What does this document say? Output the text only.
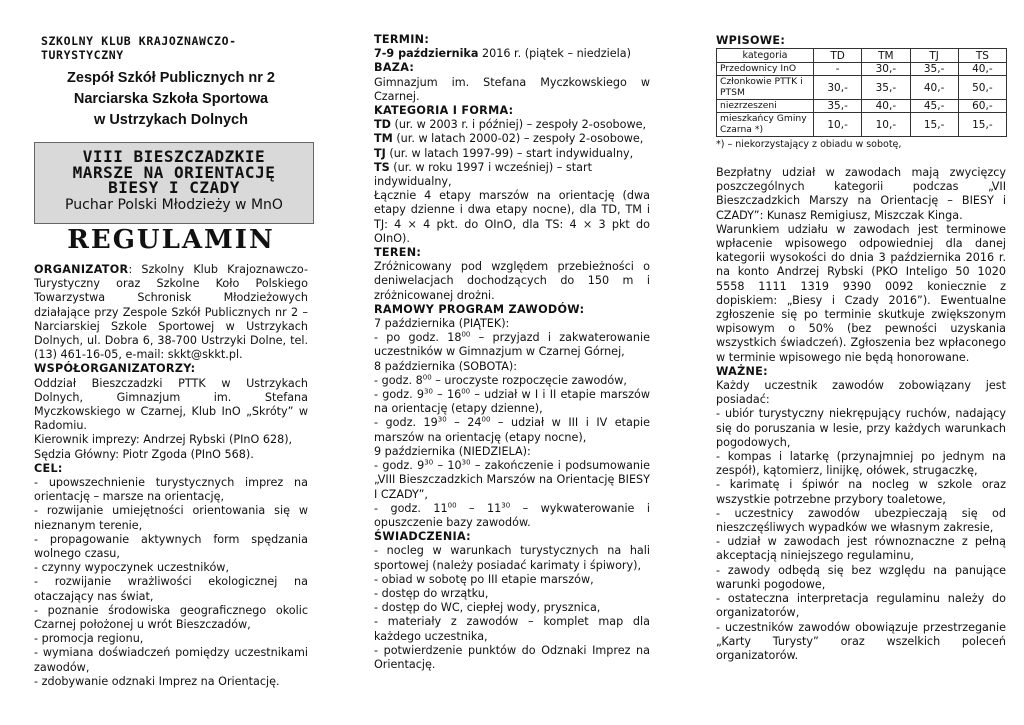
SZKOLNY KLUB KRAJOZNAWCZO-TURYSTYCZNY
Zespół Szkół Publicznych nr 2
Narciarska Szkoła Sportowa
w Ustrzykach Dolnych
VIII BIESZCZADZKIE
MARSZE NA ORIENTACJĘ
BIESY I CZADY
Puchar Polski Młodzieży w MnO
REGULAMIN

ORGANIZATOR: Szkolny Klub Krajoznawczo-Turystyczny oraz Szkolne Koło Polskiego Towarzystwa Schronisk Młodzieżowych działające przy Zespole Szkół Publicznych nr 2 – Narciarskiej Szkole Sportowej w Ustrzykach Dolnych, ul. Dobra 6, 38-700 Ustrzyki Dolne, tel. (13) 461-16-05, e-mail: skkt@skkt.pl.

WSPÓŁORGANIZATORZY:

Oddział Bieszczadzki PTTK w Ustrzykach Dolnych, Gimnazjum im. Stefana Myczkowskiego w Czarnej, Klub InO „Skróty” w Radomiu.

Kierownik imprezy: Andrzej Rybski (PInO 628),

Sędzia Główny: Piotr Zgoda (PInO 568).

CEL:

- upowszechnienie turystycznych imprez na orientację – marsze na orientację,

- rozwijanie umiejętności orientowania się w nieznanym terenie,

- propagowanie aktywnych form spędzania wolnego czasu,

- czynny wypoczynek uczestników,

- rozwijanie wrażliwości ekologicznej na otaczający nas świat,

- poznanie środowiska geograficznego okolic Czarnej położonej u wrót Bieszczadów,

- promocja regionu,

- wymiana doświadczeń pomiędzy uczestnikami zawodów,

- zdobywanie odznaki Imprez na Orientację.

TERMIN:

7-9 października 2016 r. (piątek – niedziela)

BAZA:

Gimnazjum im. Stefana Myczkowskiego w Czarnej.

KATEGORIA I FORMA:

TD (ur. w 2003 r. i później) – zespoły 2-osobowe,

TM (ur. w latach 2000-02) – zespoły 2-osobowe,

TJ (ur. w latach 1997-99) – start indywidualny,

TS (ur. w roku 1997 i wcześniej) – start indywidualny,

Łącznie 4 etapy marszów na orientację (dwa etapy dzienne i dwa etapy nocne), dla TD, TM i TJ: 4 × 4 pkt. do OInO, dla TS: 4 × 3 pkt do OInO).

TEREN:

Zróżnicowany pod względem przebieżności o deniwelacjach dochodzących do 150 m i zróżnicowanej drożni.

RAMOWY PROGRAM ZAWODÓW:

7 października (PIĄTEK):

- po godz. $18^{00}$ – przyjazd i zakwaterowanie uczestników w Gimnazjum w Czarnej Górnej,

8 października (SOBOTA):

- godz. $8^{00}$ – uroczyste rozpoczęcie zawodów,

- godz. $9^{30} - 16^{00}$ – udział w I i II etapie marszów na orientację (etapy dzienne),

- godz. $19^{30} - 24^{00}$ – udział w III i IV etapie marszów na orientację (etapy nocne),

9 października (NIEDZIELA):

- godz. $9^{30} - 10^{30}$ – zakończenie i podsumowanie „VIII Bieszczadzkich Marszów na Orientację BIESY I CZADY”,

- godz. $11^{00} - 11^{30}$ – wykwaterowanie i opuszczenie bazy zawodów.

ŚWIADCZENIA:

- nocleg w warunkach turystycznych na hali sportowej (należy posiadać karimaty i śpiwory),

- obiad w sobotę po III etapie marszów,

- dostęp do wrzątku,

- dostęp do WC, ciepłej wody, prysznica,

- materiały z zawodów – komplet map dla każdego uczestnika,

- potwierdzenie punktów do Odznaki Imprez na Orientację.

WPISOWE:
kategoria	TD	TM	TJ	TS
Przedownicy InO	-	30,-	35,-	40,-
Członkowie PTTK i PTSM	30,-	35,-	40,-	50,-
niezrzeszeni	35,-	40,-	45,-	60,-
mieszkańcy Gminy Czarna *)	10,-	10,-	15,-	15,-
*) – niekorzystający z obiadu w sobotę,

Bezpłatny udział w zawodach mają zwycięzcy poszczególnych kategorii podczas „VII Bieszczadzkich Marszy na Orientację – BIESY i CZADY”: Kunasz Remigiusz, Miszczak Kinga.

Warunkiem udziału w zawodach jest terminowe wpłacenie wpisowego odpowiedniej dla danej kategorii wysokości do dnia 3 października 2016 r. na konto Andrzej Rybski (PKO Inteligo 50 1020 5558 1111 1319 9390 0092 koniecznie z dopiskiem: „Biesy i Czady 2016”). Ewentualne zgłoszenie się po terminie skutkuje zwiększonym wpisowym o 50% (bez pewności uzyskania wszystkich świadczeń). Zgłoszenia bez wpłaconego w terminie wpisowego nie będą honorowane.

WAŻNE:

Każdy uczestnik zawodów zobowiązany jest posiadać:

- ubiór turystyczny niekrępujący ruchów, nadający się do poruszania w lesie, przy każdych warunkach pogodowych,

- kompas i latarkę (przynajmniej po jednym na zespół), kątomierz, linijkę, ołówek, strugaczkę,

- karimatę i śpiwór na nocleg w szkole oraz wszystkie potrzebne przybory toaletowe,

- uczestnicy zawodów ubezpieczają się od nieszczęśliwych wypadków we własnym zakresie,

- udział w zawodach jest równoznaczne z pełną akceptacją niniejszego regulaminu,

- zawody odbędą się bez względu na panujące warunki pogodowe,

- ostateczna interpretacja regulaminu należy do organizatorów,

- uczestników zawodów obowiązuje przestrzeganie „Karty Turysty” oraz wszelkich poleceń organizatorów.
